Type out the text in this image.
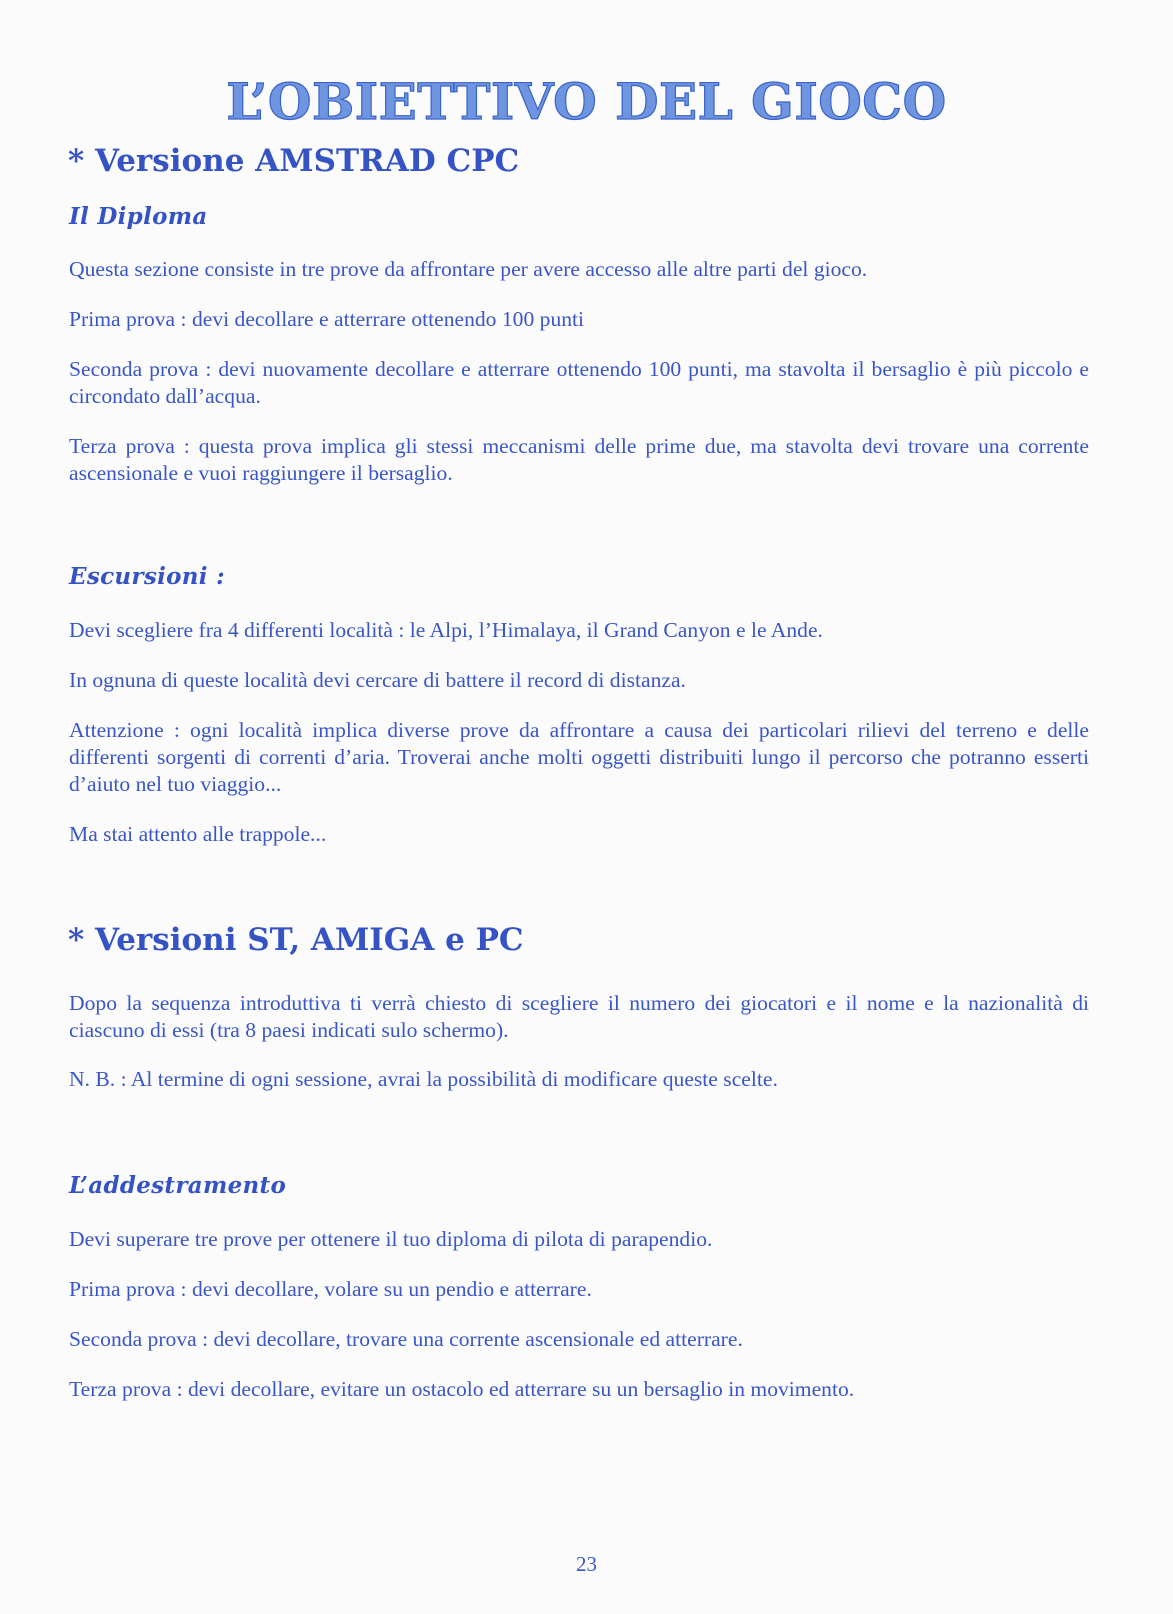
L’OBIETTIVO DEL GIOCO
* Versione AMSTRAD CPC
Il Diploma

Questa sezione consiste in tre prove da affrontare per avere accesso alle altre parti del gioco.

Prima prova : devi decollare e atterrare ottenendo 100 punti

Seconda prova : devi nuovamente decollare e atterrare ottenendo 100 punti, ma stavolta il bersaglio è più piccolo e circondato dall’acqua.

Terza prova : questa prova implica gli stessi meccanismi delle prime due, ma stavolta devi trovare una corrente ascensionale e vuoi raggiungere il bersaglio.

Escursioni :

Devi scegliere fra 4 differenti località : le Alpi, l’Himalaya, il Grand Canyon e le Ande.

In ognuna di queste località devi cercare di battere il record di distanza.

Attenzione : ogni località implica diverse prove da affrontare a causa dei particolari rilievi del terreno e delle differenti sorgenti di correnti d’aria. Troverai anche molti oggetti distribuiti lungo il percorso che potranno esserti d’aiuto nel tuo viaggio...

Ma stai attento alle trappole...

* Versioni ST, AMIGA e PC

Dopo la sequenza introduttiva ti verrà chiesto di scegliere il numero dei giocatori e il nome e la nazionalità di ciascuno di essi (tra 8 paesi indicati sulo schermo).

N. B. : Al termine di ogni sessione, avrai la possibilità di modificare queste scelte.

L’addestramento

Devi superare tre prove per ottenere il tuo diploma di pilota di parapendio.

Prima prova : devi decollare, volare su un pendio e atterrare.

Seconda prova : devi decollare, trovare una corrente ascensionale ed atterrare.

Terza prova : devi decollare, evitare un ostacolo ed atterrare su un bersaglio in movimento.

23
